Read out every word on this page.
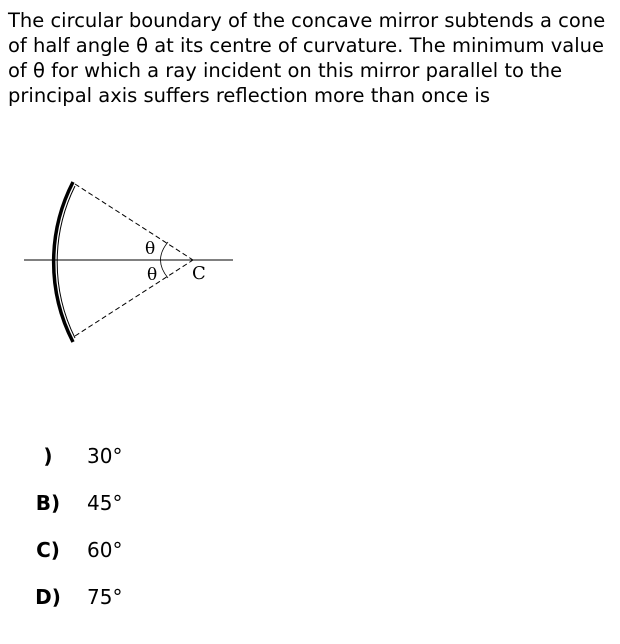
The circular boundary of the concave mirror subtends a cone of half angle θ at its centre of curvature. The minimum value of θ for which a ray incident on this mirror parallel to the principal axis suffers reflection more than once is
θ
θ C
)	30°
B)	45°
C)	60°
D)	75°
